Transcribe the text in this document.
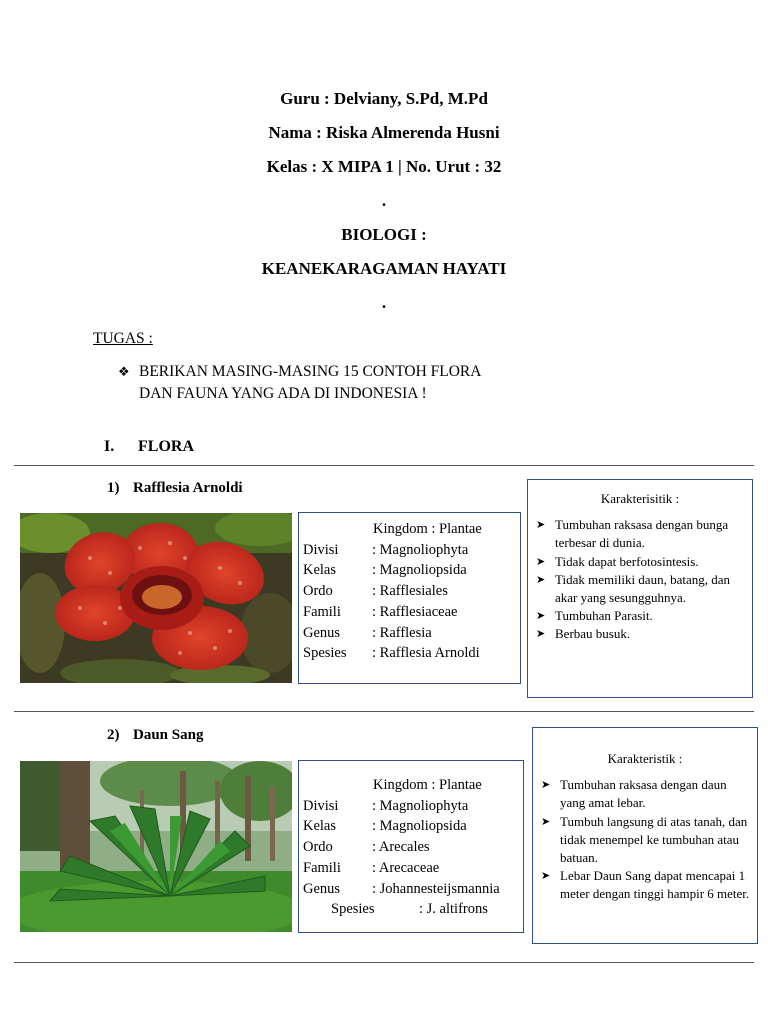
Guru : Delviany, S.Pd, M.Pd
Nama : Riska Almerenda Husni
Kelas : X MIPA 1 | No. Urut : 32
.
BIOLOGI :
KEANEKARAGAMAN HAYATI
.
TUGAS :
❖ BERIKAN MASING-MASING 15 CONTOH FLORA
DAN FAUNA YANG ADA DI INDONESIA !
I. FLORA
1) Rafflesia Arnoldi
Kingdom : Plantae
Divisi	: Magnoliophyta
Kelas	: Magnoliopsida
Ordo	: Rafflesiales
Famili	: Rafflesiaceae
Genus	: Rafflesia
Spesies	: Rafflesia Arnoldi
Karakterisitik :
➤ Tumbuhan raksasa dengan bunga terbesar di dunia.
➤ Tidak dapat berfotosintesis.
➤ Tidak memiliki daun, batang, dan akar yang sesungguhnya.
➤ Tumbuhan Parasit.
➤ Berbau busuk.
2) Daun Sang
Kingdom : Plantae
Divisi	: Magnoliophyta
Kelas	: Magnoliopsida
Ordo	: Arecales
Famili	: Arecaceae
Genus	: Johannesteijsmannia
Spesies	: J. altifrons
Karakteristik :
➤ Tumbuhan raksasa dengan daun yang amat lebar.
➤ Tumbuh langsung di atas tanah, dan tidak menempel ke tumbuhan atau batuan.
➤ Lebar Daun Sang dapat mencapai 1 meter dengan tinggi hampir 6 meter.
